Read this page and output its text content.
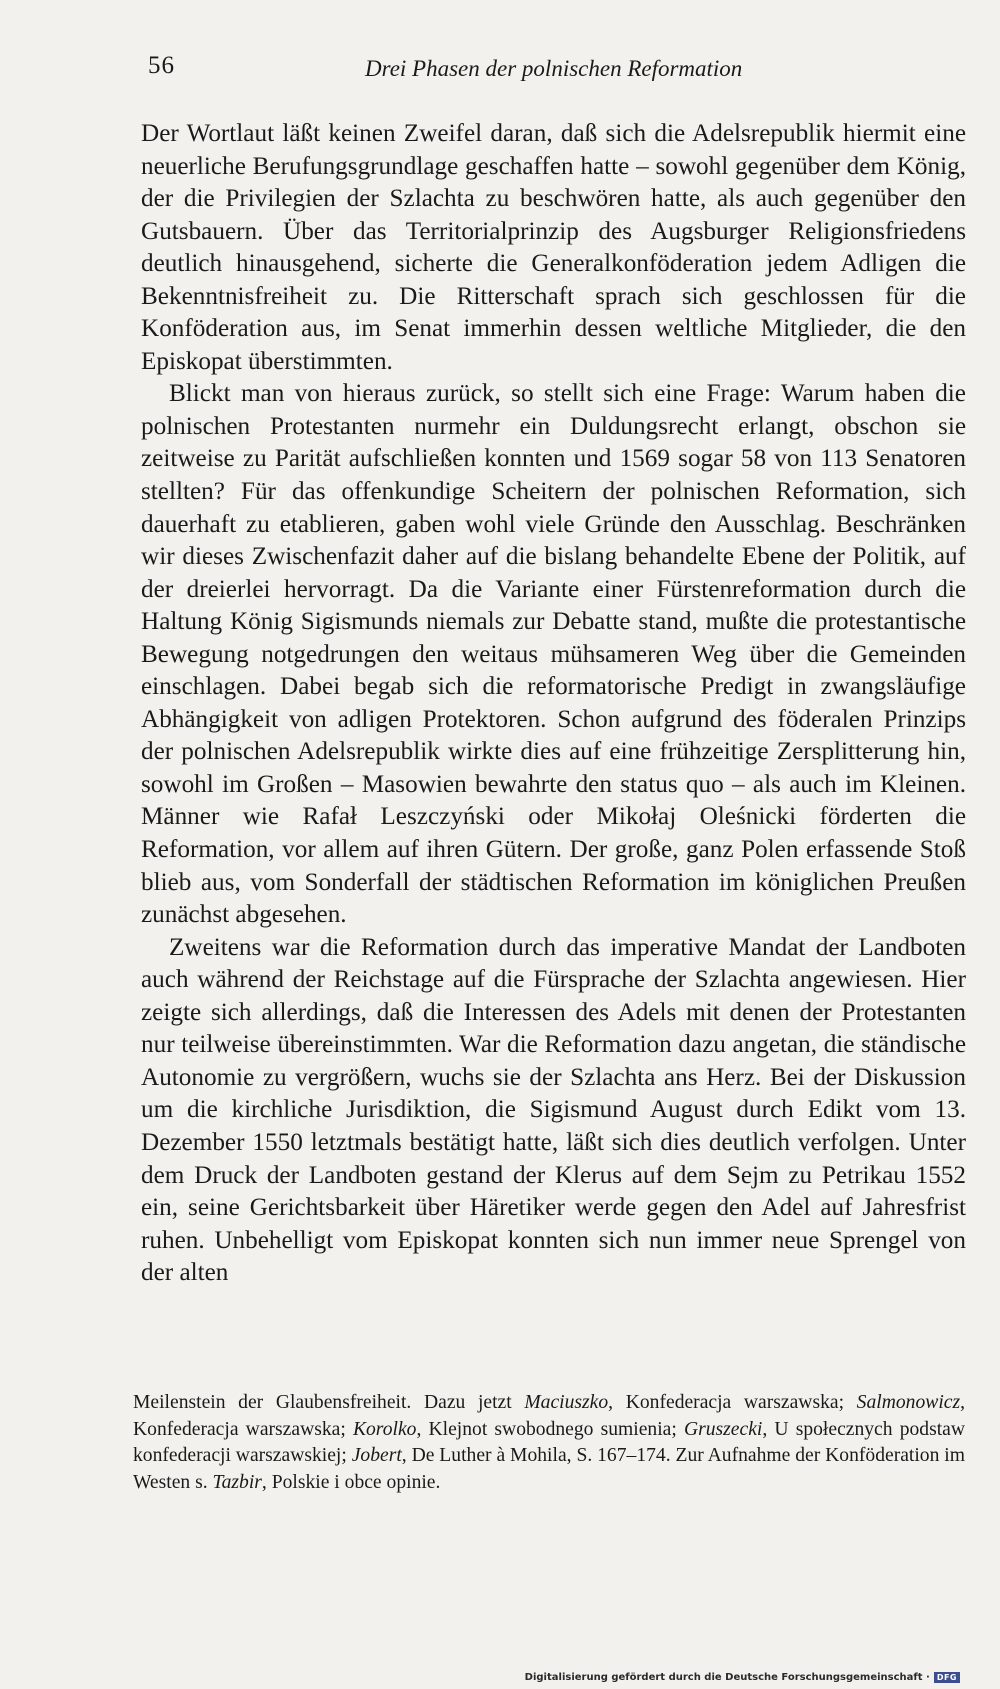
56	Drei Phasen der polnischen Reformation

Der Wortlaut läßt keinen Zweifel daran, daß sich die Adelsrepublik hiermit eine neuerliche Berufungsgrundlage geschaffen hatte – sowohl gegenüber dem König, der die Privilegien der Szlachta zu beschwören hatte, als auch gegenüber den Gutsbauern. Über das Territorialprinzip des Augsburger Religionsfriedens deutlich hinausgehend, sicherte die Generalkonföderation jedem Adligen die Bekenntnisfreiheit zu. Die Ritterschaft sprach sich geschlossen für die Konföderation aus, im Senat immerhin dessen weltliche Mitglieder, die den Episkopat überstimmten.

Blickt man von hieraus zurück, so stellt sich eine Frage: Warum haben die polnischen Protestanten nurmehr ein Duldungsrecht erlangt, obschon sie zeitweise zu Parität aufschließen konnten und 1569 sogar 58 von 113 Senatoren stellten? Für das offenkundige Scheitern der polnischen Reformation, sich dauerhaft zu etablieren, gaben wohl viele Gründe den Ausschlag. Beschränken wir dieses Zwischenfazit daher auf die bislang behandelte Ebene der Politik, auf der dreierlei hervorragt. Da die Variante einer Fürstenreformation durch die Haltung König Sigismunds niemals zur Debatte stand, mußte die protestantische Bewegung notgedrungen den weitaus mühsameren Weg über die Gemeinden einschlagen. Dabei begab sich die reformatorische Predigt in zwangsläufige Abhängigkeit von adligen Protektoren. Schon aufgrund des föderalen Prinzips der polnischen Adelsrepublik wirkte dies auf eine frühzeitige Zersplitterung hin, sowohl im Großen – Masowien bewahrte den status quo – als auch im Kleinen. Männer wie Rafał Leszczyński oder Mikołaj Oleśnicki förderten die Reformation, vor allem auf ihren Gütern. Der große, ganz Polen erfassende Stoß blieb aus, vom Sonderfall der städtischen Reformation im königlichen Preußen zunächst abgesehen.

Zweitens war die Reformation durch das imperative Mandat der Landboten auch während der Reichstage auf die Fürsprache der Szlachta angewiesen. Hier zeigte sich allerdings, daß die Interessen des Adels mit denen der Protestanten nur teilweise übereinstimmten. War die Reformation dazu angetan, die ständische Autonomie zu vergrößern, wuchs sie der Szlachta ans Herz. Bei der Diskussion um die kirchliche Jurisdiktion, die Sigismund August durch Edikt vom 13. Dezember 1550 letztmals bestätigt hatte, läßt sich dies deutlich verfolgen. Unter dem Druck der Landboten gestand der Klerus auf dem Sejm zu Petrikau 1552 ein, seine Gerichtsbarkeit über Häretiker werde gegen den Adel auf Jahresfrist ruhen. Unbehelligt vom Episkopat konnten sich nun immer neue Sprengel von der alten

Meilenstein der Glaubensfreiheit. Dazu jetzt Maciuszko, Konfederacja warszawska; Salmonowicz, Konfederacja warszawska; Korolko, Klejnot swobodnego sumienia; Gruszecki, U społecznych podstaw konfederacji warszawskiej; Jobert, De Luther à Mohila, S. 167–174. Zur Aufnahme der Konföderation im Westen s. Tazbir, Polskie i obce opinie.
Digitalisierung gefördert durch die Deutsche Forschungsgemeinschaft · DFG
